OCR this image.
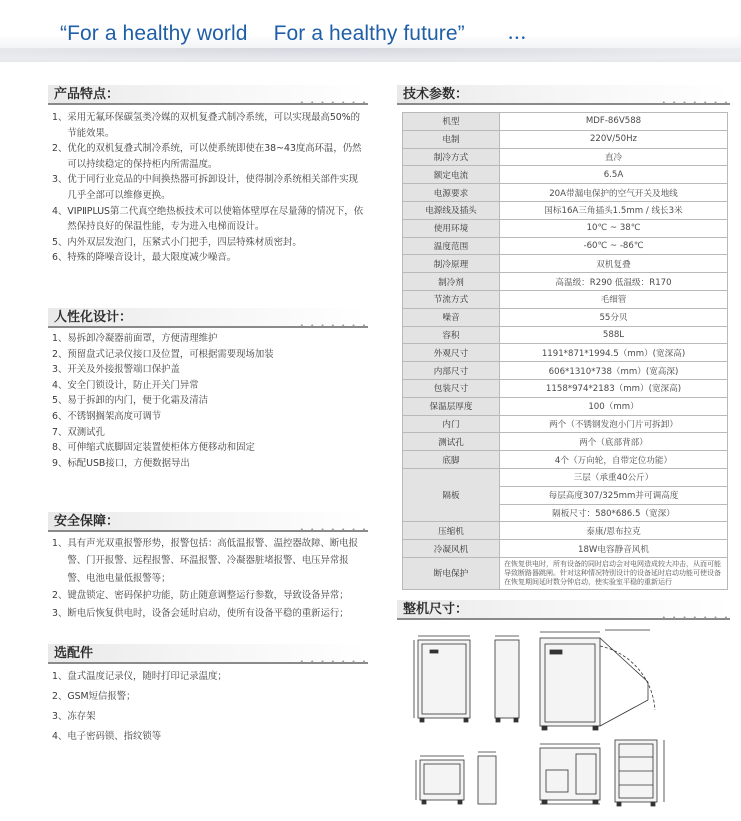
“For a healthy world For a healthy future”	•••
产品特点：
• • • • • • •
1、 采用无氟环保碳氢类冷媒的双机复叠式制冷系统，可以实现最高50%的节能效果。
2、 优化的双机复叠式制冷系统，可以使系统即使在38~43度高环温，仍然可以持续稳定的保持柜内所需温度。
3、 优于同行业竞品的中间换热器可拆卸设计，使得制冷系统相关部件实现几乎全部可以维修更换。
4、 VIPⅡPLUS第二代真空绝热板技术可以使箱体壁厚在尽量薄的情况下，依然保持良好的保温性能，专为进入电梯而设计。
5、 内外双层发泡门，压紧式小门把手，四层特殊材质密封。
6、 特殊的降噪音设计，最大限度减少噪音。
人性化设计：
• • • • • • •
1、 易拆卸冷凝器前面罩，方便清理维护
2、 预留盘式记录仪接口及位置，可根据需要现场加装
3、 开关及外接报警端口保护盖
4、 安全门锁设计，防止开关门异常
5、 易于拆卸的内门，便于化霜及清洁
6、 不锈钢搁架高度可调节
7、 双测试孔
8、 可伸缩式底脚固定装置使柜体方便移动和固定
9、 标配USB接口，方便数据导出
安全保障：
• • • • • • •
1、 具有声光双重报警形势，报警包括：高低温报警、温控器故障、断电报警、门开报警、远程报警、环温报警、冷凝器脏堵报警、电压异常报警、电池电量低报警等；
2、 键盘锁定、密码保护功能，防止随意调整运行参数，导致设备异常；
3、 断电后恢复供电时，设备会延时启动，使所有设备平稳的重新运行；
选配件
• • • • • • •
1、 盘式温度记录仪，随时打印记录温度；
2、 GSM短信报警；
3、 冻存架
4、 电子密码锁、指纹锁等
技术参数：
• • • • • • •
机型	MDF-86V588
电制	220V/50Hz
制冷方式	直冷
额定电流	6.5A
电源要求	20A带漏电保护的空气开关及地线
电源线及插头	国标16A三角插头1.5mm / 线长3米
使用环境	10℃ ~ 38℃
温度范围	-60℃ ~ -86℃
制冷原理	双机复叠
制冷剂	高温级：R290 低温级：R170
节流方式	毛细管
噪音	55分贝
容积	588L
外观尺寸	1191*871*1994.5（mm）(宽深高)
内部尺寸	606*1310*738（mm）(宽高深)
包装尺寸	1158*974*2183（mm）(宽深高)
保温层厚度	100（mm）
内门	两个（不锈钢发泡小门片可拆卸）
测试孔	两个（底部背部）
底脚	4个（万向轮，自带定位功能）
隔板	三层（承重40公斤）
	每层高度307/325mm并可调高度
	隔板尺寸：580*686.5（宽深）
压缩机	泰康/恩布拉克
冷凝风机	18W电容静音风机
断电保护	在恢复供电时，所有设备的同时启动会对电网造成较大冲击，从而可能导致断路器跳闸。针对这种情况特别设计的设备延时启动功能可使设备在恢复期间延时数分钟启动，使实验室平稳的重新运行
整机尺寸：
• • • • • • •
